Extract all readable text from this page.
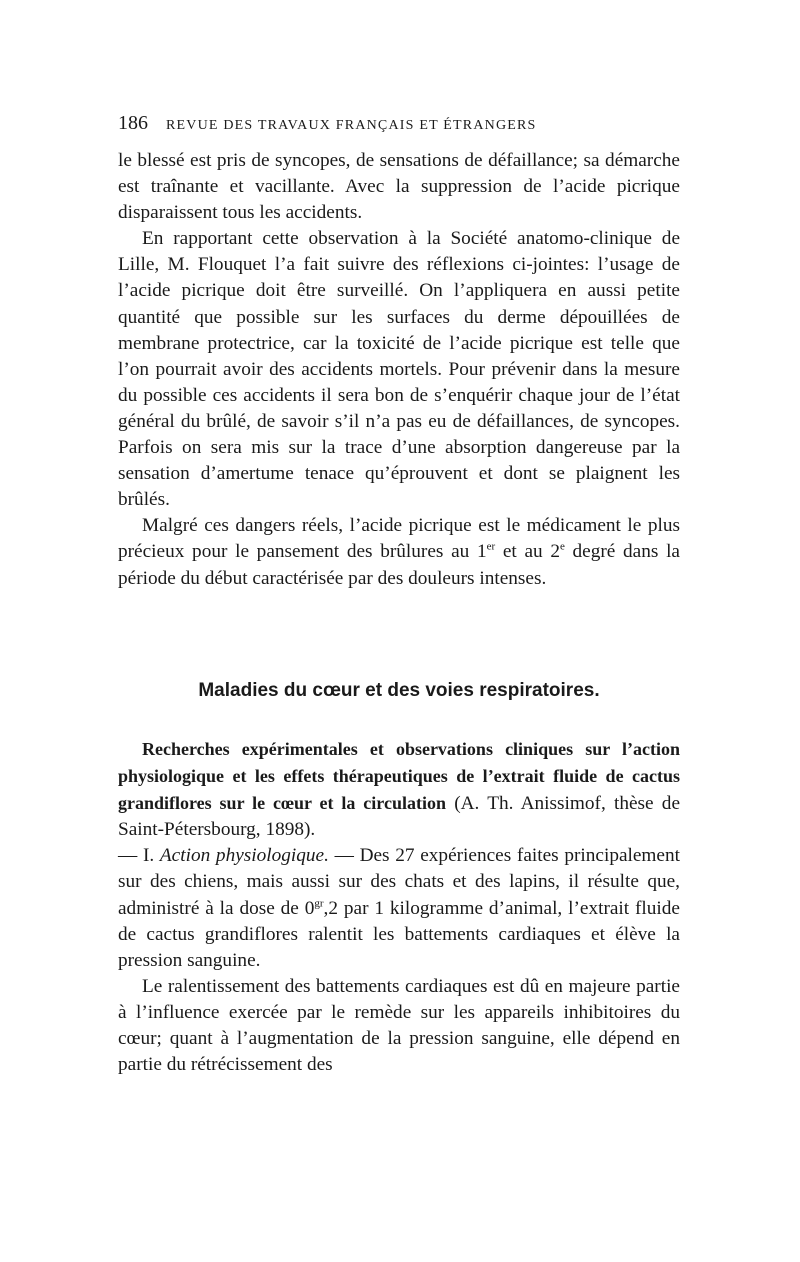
186 REVUE DES TRAVAUX FRANÇAIS ET ÉTRANGERS

le blessé est pris de syncopes, de sensations de défaillance; sa démarche est traînante et vacillante. Avec la suppression de l’acide picrique disparaissent tous les accidents.

En rapportant cette observation à la Société anatomo-clinique de Lille, M. Flouquet l’a fait suivre des réflexions ci-jointes: l’usage de l’acide picrique doit être surveillé. On l’appliquera en aussi petite quantité que possible sur les surfaces du derme dépouillées de membrane protectrice, car la toxicité de l’acide picrique est telle que l’on pourrait avoir des accidents mortels. Pour prévenir dans la mesure du possible ces accidents il sera bon de s’enquérir chaque jour de l’état général du brûlé, de savoir s’il n’a pas eu de défaillances, de syncopes. Parfois on sera mis sur la trace d’une absorption dangereuse par la sensation d’amertume tenace qu’éprouvent et dont se plaignent les brûlés.

Malgré ces dangers réels, l’acide picrique est le médicament le plus précieux pour le pansement des brûlures au 1er et au 2e degré dans la période du début caractérisée par des douleurs intenses.

Maladies du cœur et des voies respiratoires.

Recherches expérimentales et observations cliniques sur l’action physiologique et les effets thérapeutiques de l’extrait fluide de cactus grandiflores sur le cœur et la circulation (A. Th. Anissimof, thèse de Saint-Pétersbourg, 1898).
— I. Action physiologique. — Des 27 expériences faites principalement sur des chiens, mais aussi sur des chats et des lapins, il résulte que, administré à la dose de $0^{gr},2$ par 1 kilogramme d’animal, l’extrait fluide de cactus grandiflores ralentit les battements cardiaques et élève la pression sanguine.

Le ralentissement des battements cardiaques est dû en majeure partie à l’influence exercée par le remède sur les appareils inhibitoires du cœur; quant à l’augmentation de la pression sanguine, elle dépend en partie du rétrécissement des
